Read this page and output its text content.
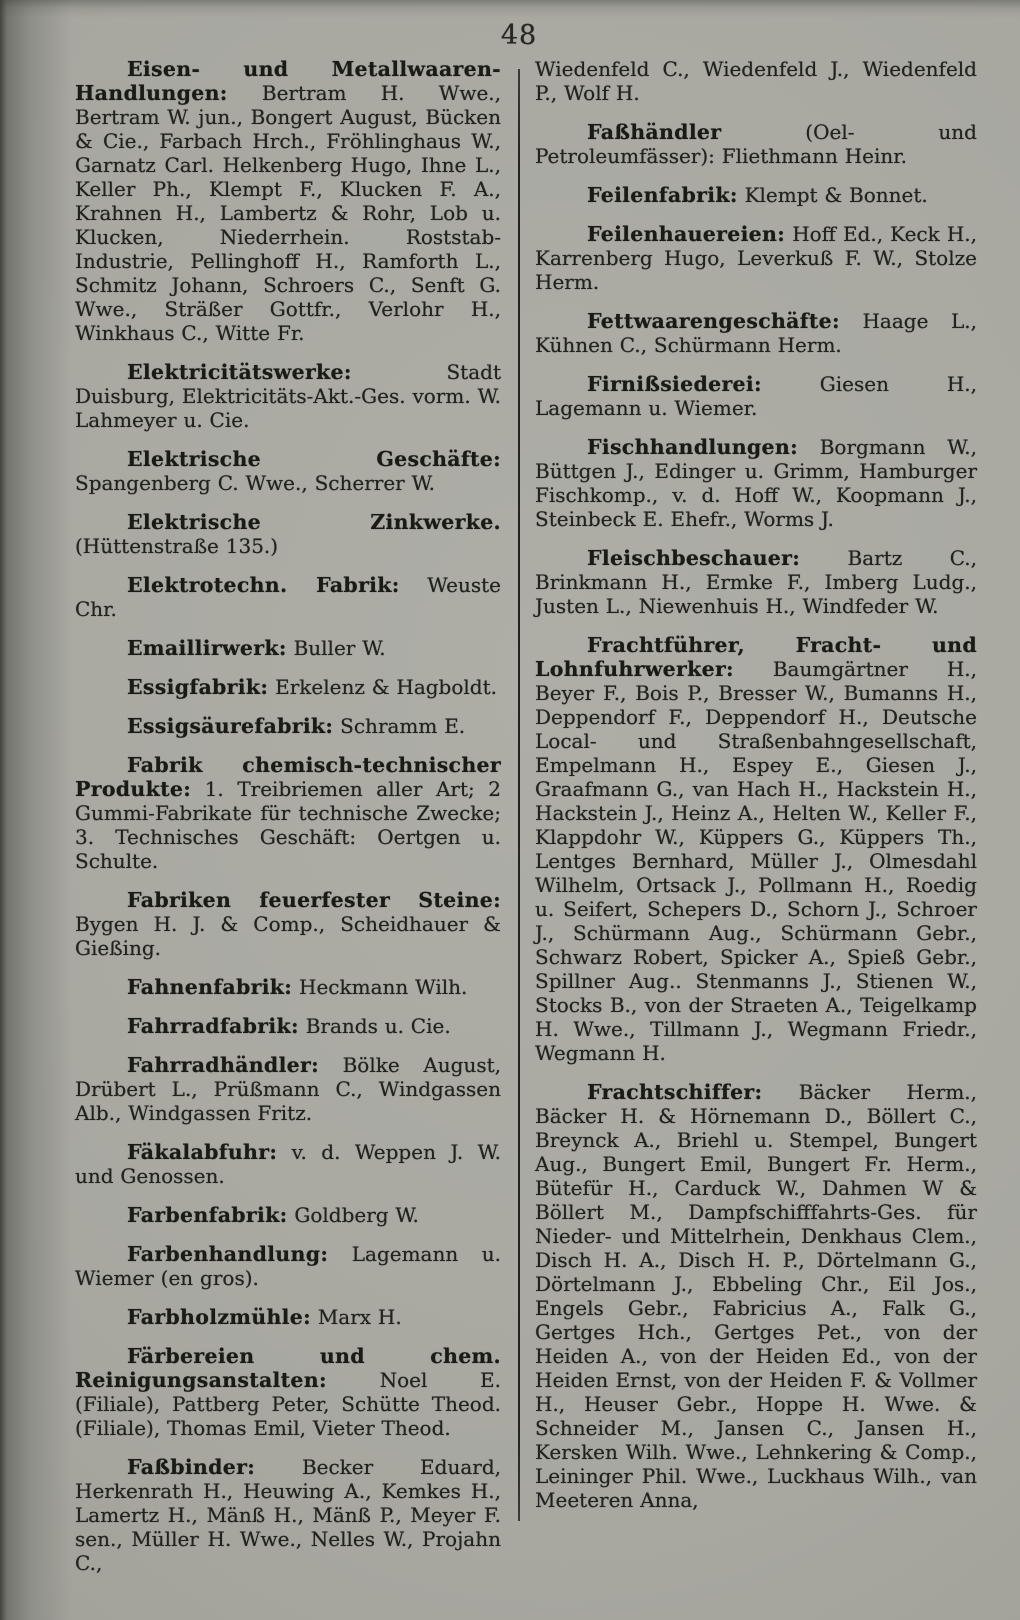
48

Eisen- und Metallwaaren-Handlungen: Bertram H. Wwe., Bertram W. jun., Bongert August, Bücken & Cie., Farbach Hrch., Fröhlinghaus W., Garnatz Carl. Helkenberg Hugo, Ihne L., Keller Ph., Klempt F., Klucken F. A., Krahnen H., Lambertz & Rohr, Lob u. Klucken, Niederrhein. Roststab-Industrie, Pellinghoff H., Ramforth L., Schmitz Johann, Schroers C., Senft G. Wwe., Sträßer Gottfr., Verlohr H., Winkhaus C., Witte Fr.

Elektricitätswerke:	Stadt Duisburg, Elektricitäts-Akt.-Ges. vorm. W. Lahmeyer u. Cie.

Elektrische Geschäfte: Spangenberg C. Wwe., Scherrer W.

Elektrische Zinkwerke. (Hüttenstraße 135.)

Elektrotechn. Fabrik: Weuste Chr.

Emaillirwerk: Buller W.

Essigfabrik: Erkelenz & Hagboldt.

Essigsäurefabrik: Schramm E.

Fabrik chemisch-technischer Produkte: 1. Treibriemen aller Art; 2 Gummi-Fabrikate für technische Zwecke; 3. Technisches Geschäft: Oertgen u. Schulte.

Fabriken feuerfester Steine: Bygen H. J. & Comp., Scheidhauer & Gießing.

Fahnenfabrik: Heckmann Wilh.

Fahrradfabrik: Brands u. Cie.

Fahrradhändler: Bölke August, Drübert L., Prüßmann C., Windgassen Alb., Windgassen Fritz.

Fäkalabfuhr: v. d. Weppen J. W. und Genossen.

Farbenfabrik: Goldberg W.

Farbenhandlung: Lagemann u. Wiemer (en gros).

Farbholzmühle: Marx H.

Färbereien und chem. Reinigungsanstalten:	Noel E. (Filiale), Pattberg Peter, Schütte Theod. (Filiale), Thomas Emil, Vieter Theod.

Faßbinder: Becker Eduard, Herkenrath H., Heuwing A., Kemkes H., Lamertz H., Mänß H., Mänß P., Meyer F. sen., Müller H. Wwe., Nelles W., Projahn C.,

Wiedenfeld C., Wiedenfeld J., Wiedenfeld P., Wolf H.

Faßhändler	(Oel- und Petroleumfässer): Fliethmann Heinr.

Feilenfabrik: Klempt & Bonnet.

Feilenhauereien: Hoff Ed., Keck H., Karrenberg Hugo, Leverkuß F. W., Stolze Herm.

Fettwaarengeschäfte: Haage L., Kühnen C., Schürmann Herm.

Firnißsiederei:	Giesen H., Lagemann u. Wiemer.

Fischhandlungen: Borgmann W., Büttgen J., Edinger u. Grimm, Hamburger Fischkomp., v. d. Hoff W., Koopmann J., Steinbeck E. Ehefr., Worms J.

Fleischbeschauer: Bartz C., Brinkmann H., Ermke F., Imberg Ludg., Justen L., Niewenhuis H., Windfeder W.

Frachtführer, Fracht- und Lohnfuhrwerker: Baumgärtner H., Beyer F., Bois P., Bresser W., Bumanns H., Deppendorf F., Deppendorf H., Deutsche Local- und Straßenbahngesellschaft, Empelmann H., Espey E., Giesen J., Graafmann G., van Hach H., Hackstein H., Hackstein J., Heinz A., Helten W., Keller F., Klappdohr W., Küppers G., Küppers Th., Lentges Bernhard, Müller J., Olmesdahl Wilhelm, Ortsack J., Pollmann H., Roedig u. Seifert, Schepers D., Schorn J., Schroer J., Schürmann Aug., Schürmann Gebr., Schwarz Robert, Spicker A., Spieß Gebr., Spillner Aug.. Stenmanns J., Stienen W., Stocks B., von der Straeten A., Teigelkamp H. Wwe., Tillmann J., Wegmann Friedr., Wegmann H.

Frachtschiffer: Bäcker Herm., Bäcker H. & Hörnemann D., Böllert C., Breynck A., Briehl u. Stempel, Bungert Aug., Bungert Emil, Bungert Fr. Herm., Bütefür H., Carduck W., Dahmen W & Böllert M., Dampfschifffahrts-Ges. für Nieder- und Mittelrhein, Denkhaus Clem., Disch H. A., Disch H. P., Dörtelmann G., Dörtelmann J., Ebbeling Chr., Eil Jos., Engels Gebr., Fabricius A., Falk G., Gertges Hch., Gertges Pet., von der Heiden A., von der Heiden Ed., von der Heiden Ernst, von der Heiden F. & Vollmer H., Heuser Gebr., Hoppe H. Wwe. & Schneider M., Jansen C., Jansen H., Kersken Wilh. Wwe., Lehnkering & Comp., Leininger Phil. Wwe., Luckhaus Wilh., van Meeteren Anna,
